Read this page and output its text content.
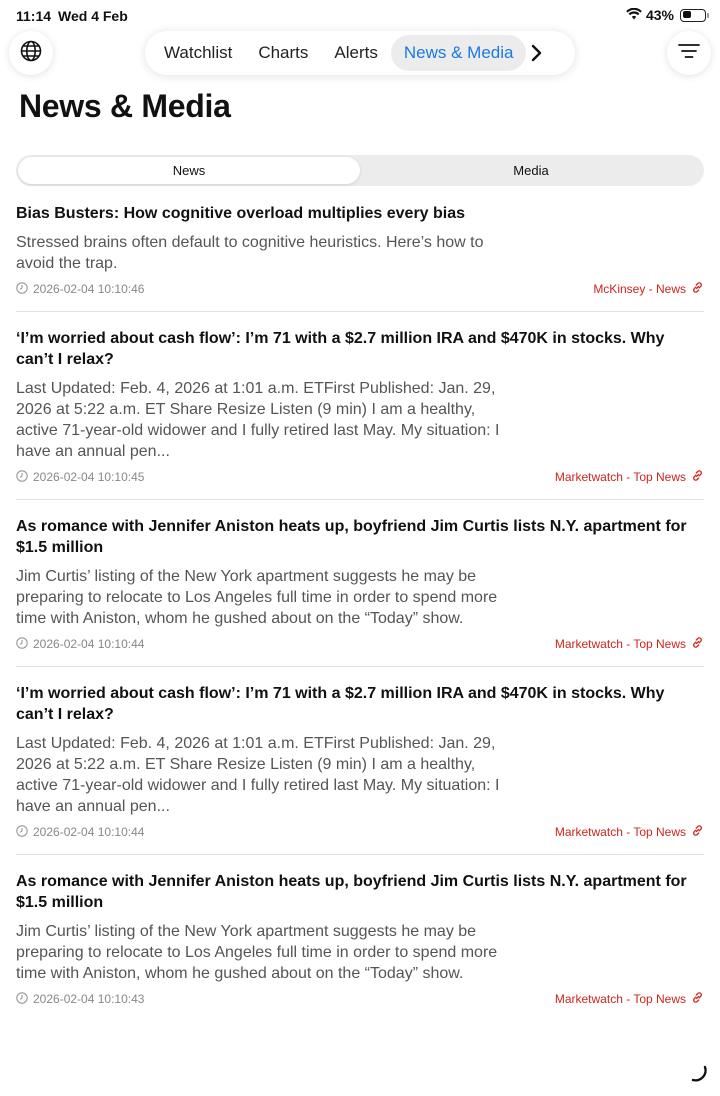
11:14 Wed 4 Feb	43%
Watchlist	Charts	Alerts	News & Media
News & Media
News	Media
Bias Busters: How cognitive overload multiplies every bias
Stressed brains often default to cognitive heuristics. Here’s how to avoid the trap.
2026-02-04 10:10:46	McKinsey - News
‘I’m worried about cash flow’: I’m 71 with a $2.7 million IRA and $470K in stocks. Why can’t I relax?
Last Updated: Feb. 4, 2026 at 1:01 a.m. ETFirst Published: Jan. 29, 2026 at 5:22 a.m. ET Share Resize Listen (9 min) I am a healthy, active 71-year-old widower and I fully retired last May. My situation: I have an annual pen...
2026-02-04 10:10:45	Marketwatch - Top News
As romance with Jennifer Aniston heats up, boyfriend Jim Curtis lists N.Y. apartment for $1.5 million
Jim Curtis’ listing of the New York apartment suggests he may be preparing to relocate to Los Angeles full time in order to spend more time with Aniston, whom he gushed about on the “Today” show.
2026-02-04 10:10:44	Marketwatch - Top News
‘I’m worried about cash flow’: I’m 71 with a $2.7 million IRA and $470K in stocks. Why can’t I relax?
Last Updated: Feb. 4, 2026 at 1:01 a.m. ETFirst Published: Jan. 29, 2026 at 5:22 a.m. ET Share Resize Listen (9 min) I am a healthy, active 71-year-old widower and I fully retired last May. My situation: I have an annual pen...
2026-02-04 10:10:44	Marketwatch - Top News
As romance with Jennifer Aniston heats up, boyfriend Jim Curtis lists N.Y. apartment for $1.5 million
Jim Curtis’ listing of the New York apartment suggests he may be preparing to relocate to Los Angeles full time in order to spend more time with Aniston, whom he gushed about on the “Today” show.
2026-02-04 10:10:43	Marketwatch - Top News
